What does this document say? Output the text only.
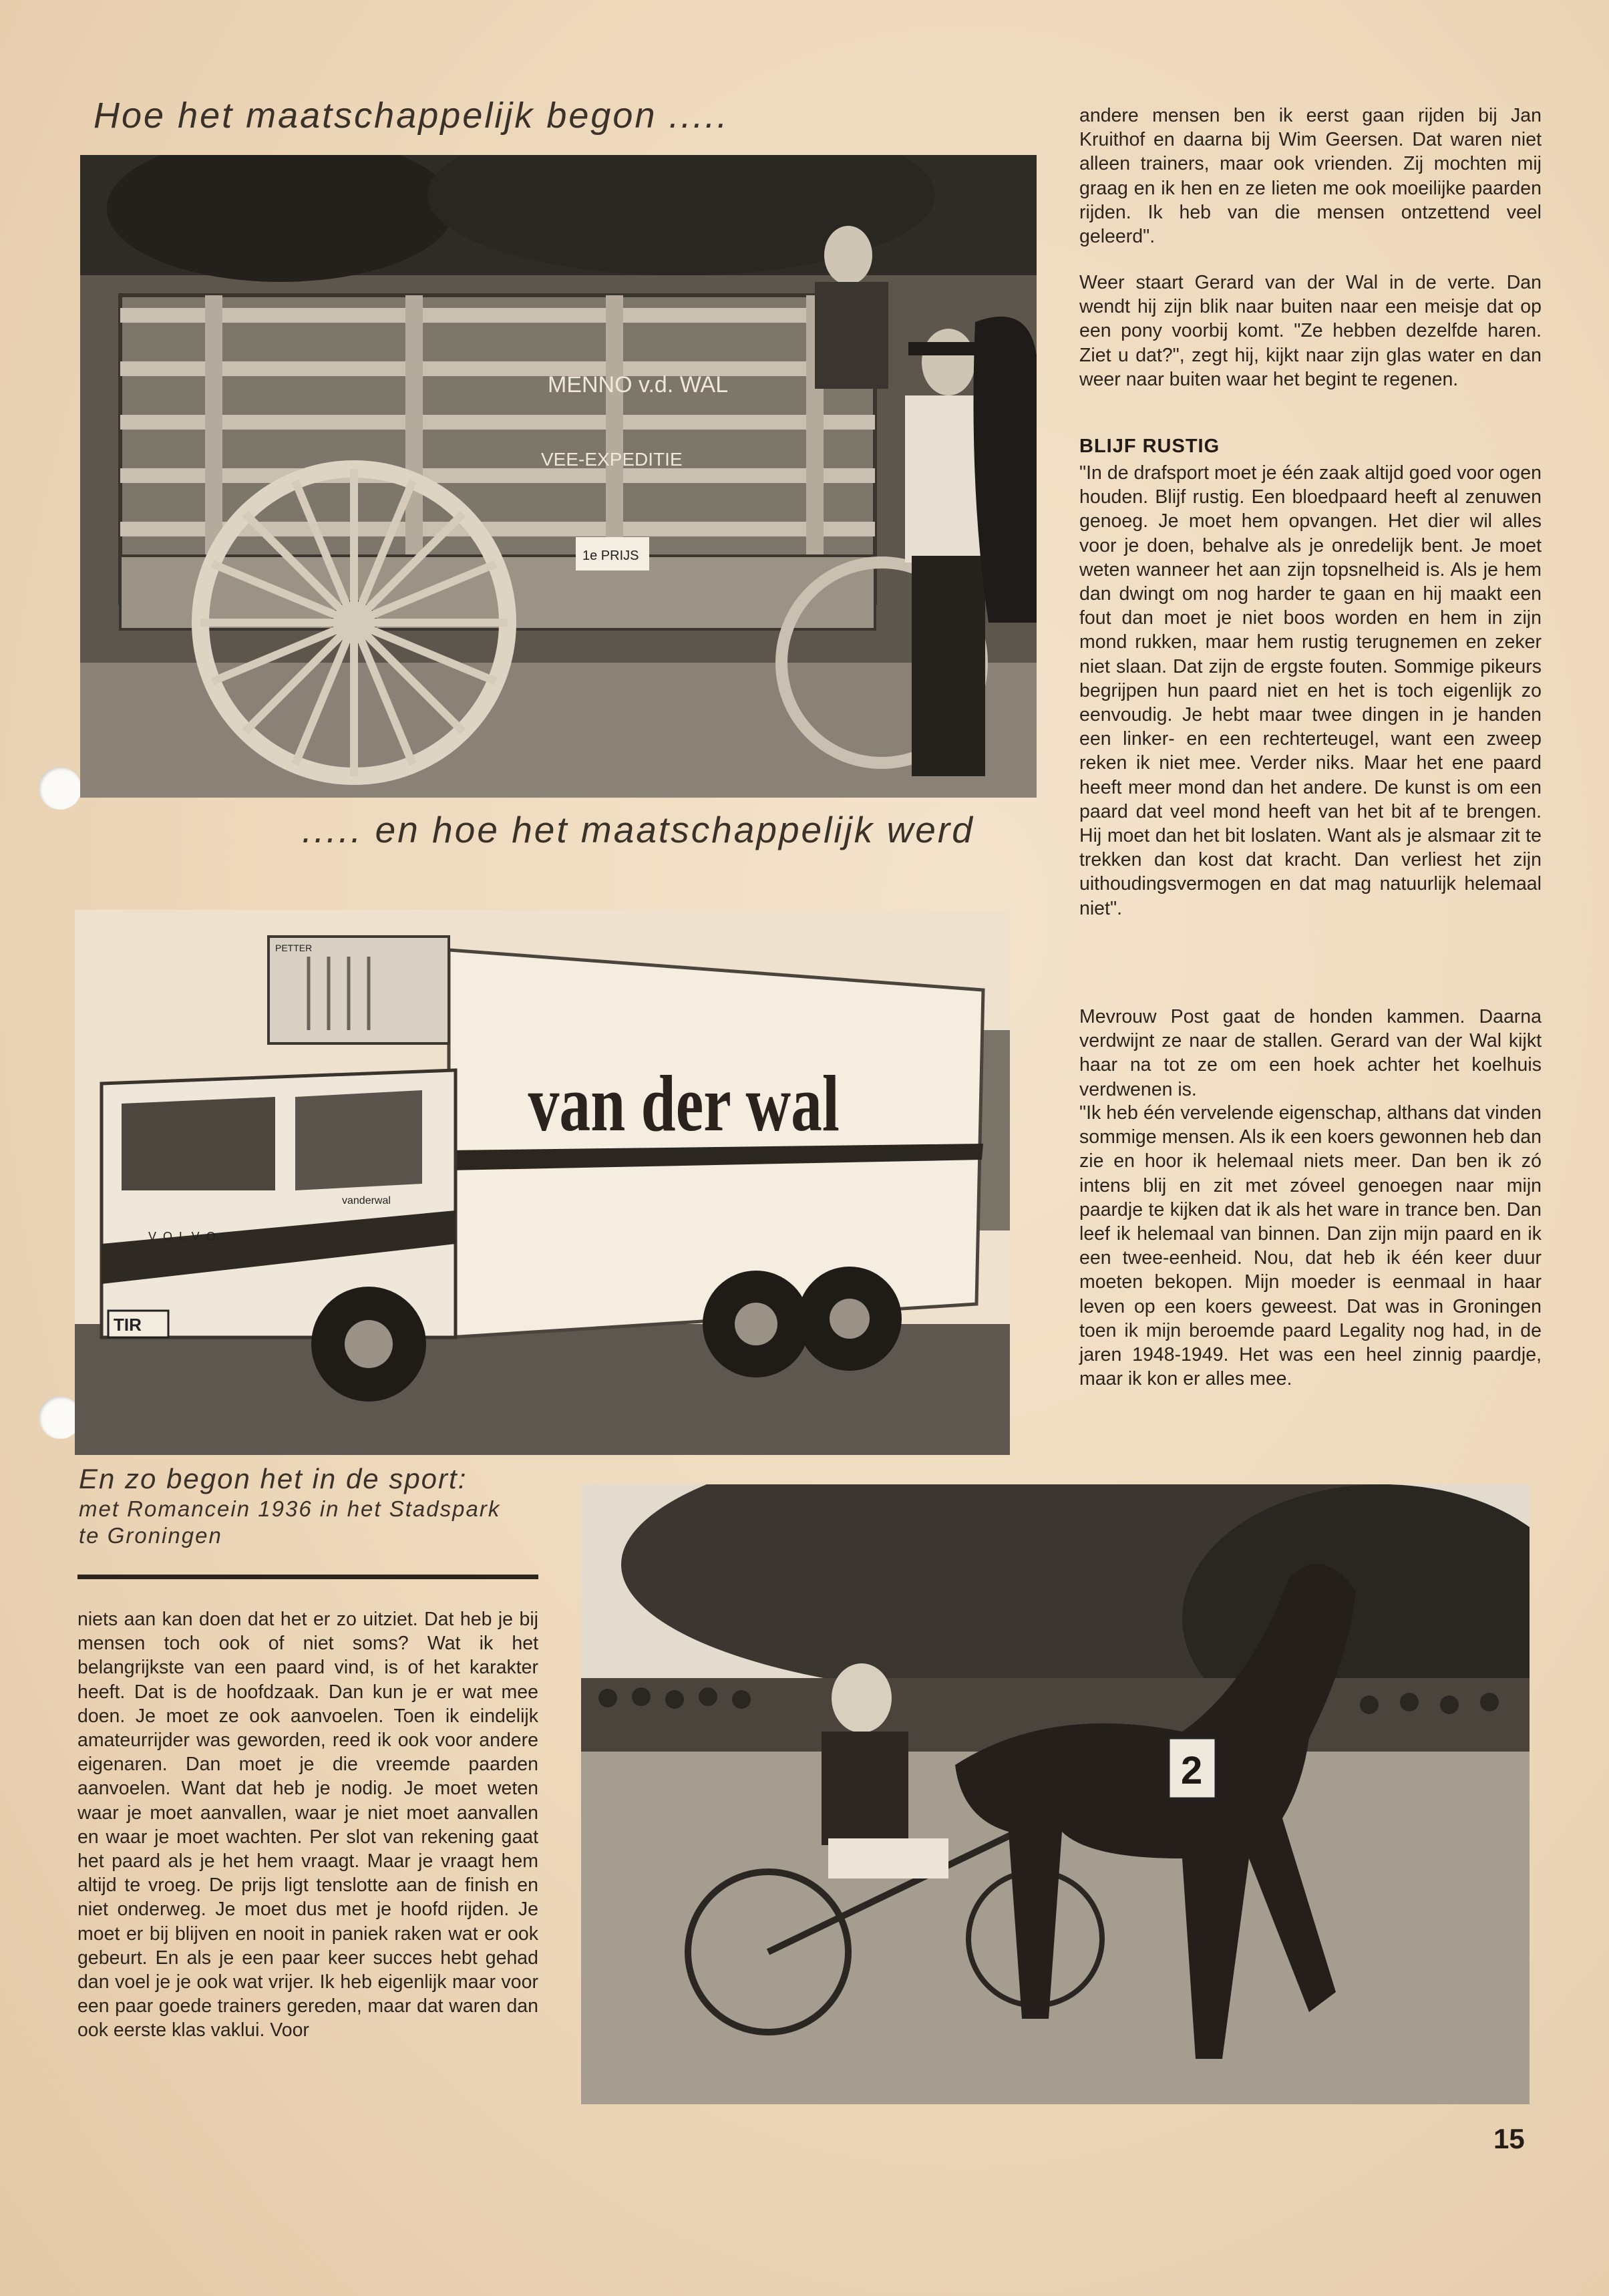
Hoe het maatschappelijk begon .....
MENNO v.d. WAL
VEE-EXPEDITIE
1e PRIJS
..... en hoe het maatschappelijk werd
van der wal
PETTER
VOLVO
vanderwal
TIR
En zo begon het in de sport:
met Romancein 1936 in het Stadspark
te Groningen
2
andere mensen ben ik eerst gaan rijden bij Jan Kruithof en daarna bij Wim Geersen. Dat waren niet alleen trainers, maar ook vrienden. Zij mochten mij graag en ik hen en ze lieten me ook moeilijke paarden rijden. Ik heb van die mensen ontzettend veel geleerd".
Weer staart Gerard van der Wal in de verte. Dan wendt hij zijn blik naar buiten naar een meisje dat op een pony voorbij komt. "Ze hebben dezelfde haren. Ziet u dat?", zegt hij, kijkt naar zijn glas water en dan weer naar buiten waar het begint te regenen.
BLIJF RUSTIG
"In de drafsport moet je één zaak altijd goed voor ogen houden. Blijf rustig. Een bloedpaard heeft al zenuwen genoeg. Je moet hem opvangen. Het dier wil alles voor je doen, behalve als je onredelijk bent. Je moet weten wanneer het aan zijn topsnelheid is. Als je hem dan dwingt om nog harder te gaan en hij maakt een fout dan moet je niet boos worden en hem in zijn mond rukken, maar hem rustig terugnemen en zeker niet slaan. Dat zijn de ergste fouten. Sommige pikeurs begrijpen hun paard niet en het is toch eigenlijk zo eenvoudig. Je hebt maar twee dingen in je handen een linker- en een rechterteugel, want een zweep reken ik niet mee. Verder niks. Maar het ene paard heeft meer mond dan het andere. De kunst is om een paard dat veel mond heeft van het bit af te brengen. Hij moet dan het bit loslaten. Want als je alsmaar zit te trekken dan kost dat kracht. Dan verliest het zijn uithoudingsvermogen en dat mag natuurlijk helemaal niet".
Mevrouw Post gaat de honden kammen. Daarna verdwijnt ze naar de stallen. Gerard van der Wal kijkt haar na tot ze om een hoek achter het koelhuis verdwenen is.
"Ik heb één vervelende eigenschap, althans dat vinden sommige mensen. Als ik een koers gewonnen heb dan zie en hoor ik helemaal niets meer. Dan ben ik zó intens blij en zit met zóveel genoegen naar mijn paardje te kijken dat ik als het ware in trance ben. Dan leef ik helemaal van binnen. Dan zijn mijn paard en ik een twee-eenheid. Nou, dat heb ik één keer duur moeten bekopen. Mijn moeder is eenmaal in haar leven op een koers geweest. Dat was in Groningen toen ik mijn beroemde paard Legality nog had, in de jaren 1948-1949. Het was een heel zinnig paardje, maar ik kon er alles mee.
niets aan kan doen dat het er zo uitziet. Dat heb je bij mensen toch ook of niet soms? Wat ik het belangrijkste van een paard vind, is of het karakter heeft. Dat is de hoofdzaak. Dan kun je er wat mee doen. Je moet ze ook aanvoelen. Toen ik eindelijk amateurrijder was geworden, reed ik ook voor andere eigenaren. Dan moet je die vreemde paarden aanvoelen. Want dat heb je nodig. Je moet weten waar je moet aanvallen, waar je niet moet aanvallen en waar je moet wachten. Per slot van rekening gaat het paard als je het hem vraagt. Maar je vraagt hem altijd te vroeg. De prijs ligt tenslotte aan de finish en niet onderweg. Je moet dus met je hoofd rijden. Je moet er bij blijven en nooit in paniek raken wat er ook gebeurt. En als je een paar keer succes hebt gehad dan voel je je ook wat vrijer. Ik heb eigenlijk maar voor een paar goede trainers gereden, maar dat waren dan ook eerste klas vaklui. Voor
15
